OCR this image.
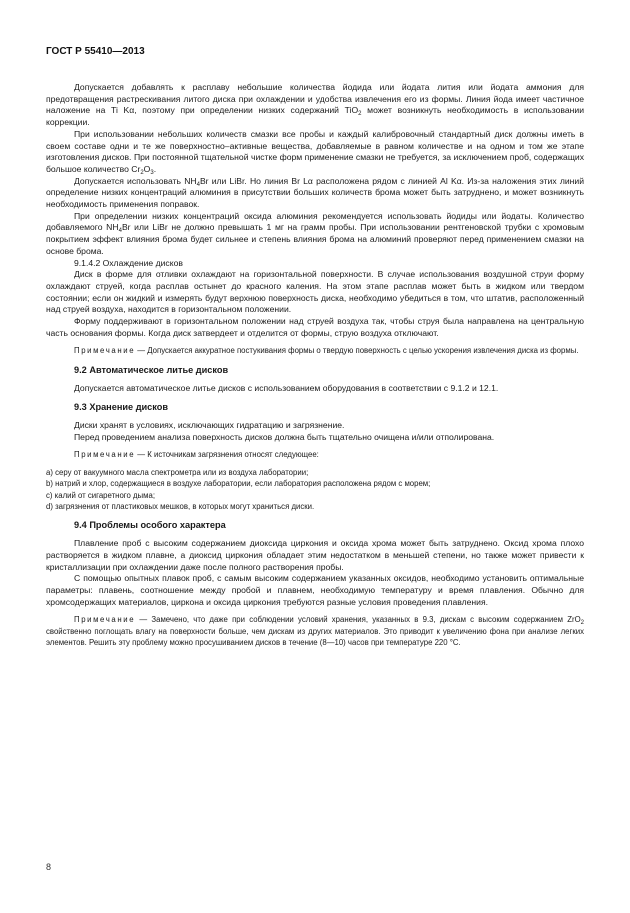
ГОСТ Р 55410—2013

Допускается добавлять к расплаву небольшие количества йодида или йодата лития или йодата аммония для предотвращения растрескивания литого диска при охлаждении и удобства извлечения его из формы. Линия йода имеет частичное наложение на Ti Kα, поэтому при определении низких содержаний TiO$_2$ может возникнуть необходимость в использовании коррекции.

При использовании небольших количеств смазки все пробы и каждый калибровочный стандартный диск должны иметь в своем составе одни и те же поверхностно–активные вещества, добавляемые в равном количестве и на одном и том же этапе изготовления дисков. При постоянной тщательной чистке форм применение смазки не требуется, за исключением проб, содержащих большое количество $Cr_2O_3$.

Допускается использовать $NH_4Br$ или LiBr. Но линия Br Lα расположена рядом с линией Al Kα. Из-за наложения этих линий определение низких концентраций алюминия в присутствии больших количеств брома может быть затруднено, и может возникнуть необходимость применения поправок.

При определении низких концентраций оксида алюминия рекомендуется использовать йодиды или йодаты. Количество добавляемого $NH_4Br$ или LiBr не должно превышать 1 мг на грамм пробы. При использовании рентгеновской трубки с хромовым покрытием эффект влияния брома будет сильнее и степень влияния брома на алюминий проверяют перед применением смазки на основе брома.

9.1.4.2 Охлаждение дисков

Диск в форме для отливки охлаждают на горизонтальной поверхности. В случае использования воздушной струи форму охлаждают струей, когда расплав остынет до красного каления. На этом этапе расплав может быть в жидком или твердом состоянии; если он жидкий и измерять будут верхнюю поверхность диска, необходимо убедиться в том, что штатив, расположенный над струей воздуха, находится в горизонтальном положении.

Форму поддерживают в горизонтальном положении над струей воздуха так, чтобы струя была направлена на центральную часть основания формы. Когда диск затвердеет и отделится от формы, струю воздуха отключают.

Примечание — Допускается аккуратное постукивания формы о твердую поверхность с целью ускорения извлечения диска из формы.

9.2 Автоматическое литье дисков

Допускается автоматическое литье дисков с использованием оборудования в соответствии с 9.1.2 и 12.1.

9.3 Хранение дисков

Диски хранят в условиях, исключающих гидратацию и загрязнение.

Перед проведением анализа поверхность дисков должна быть тщательно очищена и/или отполирована.

Примечание — К источникам загрязнения относят следующее:

а) серу от вакуумного масла спектрометра или из воздуха лаборатории;

b) натрий и хлор, содержащиеся в воздухе лаборатории, если лаборатория расположена рядом с морем;

c) калий от сигаретного дыма;

d) загрязнения от пластиковых мешков, в которых могут храниться диски.

9.4 Проблемы особого характера

Плавление проб с высоким содержанием диоксида циркония и оксида хрома может быть затруднено. Оксид хрома плохо растворяется в жидком плавне, а диоксид циркония обладает этим недостатком в меньшей степени, но также может привести к кристаллизации при охлаждении даже после полного растворения пробы.

С помощью опытных плавок проб, с самым высоким содержанием указанных оксидов, необходимо установить оптимальные параметры: плавень, соотношение между пробой и плавнем, необходимую температуру и время плавления. Обычно для хромсодержащих материалов, циркона и оксида циркония требуются разные условия проведения плавления.

Примечание — Замечено, что даже при соблюдении условий хранения, указанных в 9.3, дискам с высоким содержанием ZrO$_2$ свойственно поглощать влагу на поверхности больше, чем дискам из других материалов. Это приводит к увеличению фона при анализе легких элементов. Решить эту проблему можно просушиванием дисков в течение (8—10) часов при температуре 220 °С.

8
